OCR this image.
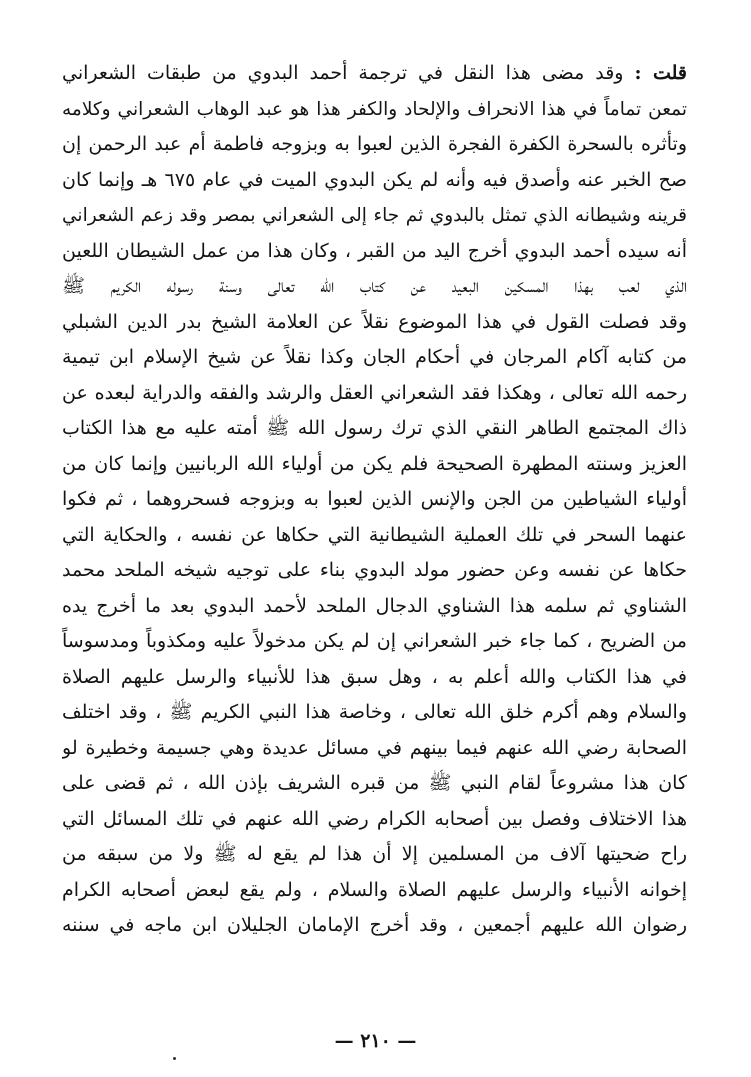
قلت : وقد مضى هذا النقل في ترجمة أحمد البدوي من طبقات الشعراني
تمعن تماماً في هذا الانحراف والإلحاد والكفر هذا هو عبد الوهاب الشعراني وكلامه
وتأثره بالسحرة الكفرة الفجرة الذين لعبوا به وبزوجه فاطمة أم عبد الرحمن إن
صح الخبر عنه وأصدق فيه وأنه لم يكن البدوي الميت في عام ٦٧٥ هـ وإنما كان
قرينه وشيطانه الذي تمثل بالبدوي ثم جاء إلى الشعراني بمصر وقد زعم الشعراني
أنه سيده أحمد البدوي أخرج اليد من القبر ، وكان هذا من عمل الشيطان اللعين
الذي لعب بهذا المسكين البعيد عن كتاب الله تعالى وسنة رسوله الكريم ﷺ
وقد فصلت القول في هذا الموضوع نقلاً عن العلامة الشيخ بدر الدين الشبلي
من كتابه آكام المرجان في أحكام الجان وكذا نقلاً عن شيخ الإسلام ابن تيمية
رحمه الله تعالى ، وهكذا فقد الشعراني العقل والرشد والفقه والدراية لبعده عن
ذاك المجتمع الطاهر النقي الذي ترك رسول الله ﷺ أمته عليه مع هذا الكتاب
العزيز وسنته المطهرة الصحيحة فلم يكن من أولياء الله الربانيين وإنما كان من
أولياء الشياطين من الجن والإنس الذين لعبوا به وبزوجه فسحروهما ، ثم فكوا
عنهما السحر في تلك العملية الشيطانية التي حكاها عن نفسه ، والحكاية التي
حكاها عن نفسه وعن حضور مولد البدوي بناء على توجيه شيخه الملحد محمد
الشناوي ثم سلمه هذا الشناوي الدجال الملحد لأحمد البدوي بعد ما أخرج يده
من الضريح ، كما جاء خبر الشعراني إن لم يكن مدخولاً عليه ومكذوباً ومدسوساً
في هذا الكتاب والله أعلم به ، وهل سبق هذا للأنبياء والرسل عليهم الصلاة
والسلام وهم أكرم خلق الله تعالى ، وخاصة هذا النبي الكريم ﷺ ، وقد اختلف
الصحابة رضي الله عنهم فيما بينهم في مسائل عديدة وهي جسيمة وخطيرة لو
كان هذا مشروعاً لقام النبي ﷺ من قبره الشريف بإذن الله ، ثم قضى على
هذا الاختلاف وفصل بين أصحابه الكرام رضي الله عنهم في تلك المسائل التي
راح ضحيتها آلاف من المسلمين إلا أن هذا لم يقع له ﷺ ولا من سبقه من
إخوانه الأنبياء والرسل عليهم الصلاة والسلام ، ولم يقع لبعض أصحابه الكرام
رضوان الله عليهم أجمعين ، وقد أخرج الإمامان الجليلان ابن ماجه في سننه
— ٢١٠ —
